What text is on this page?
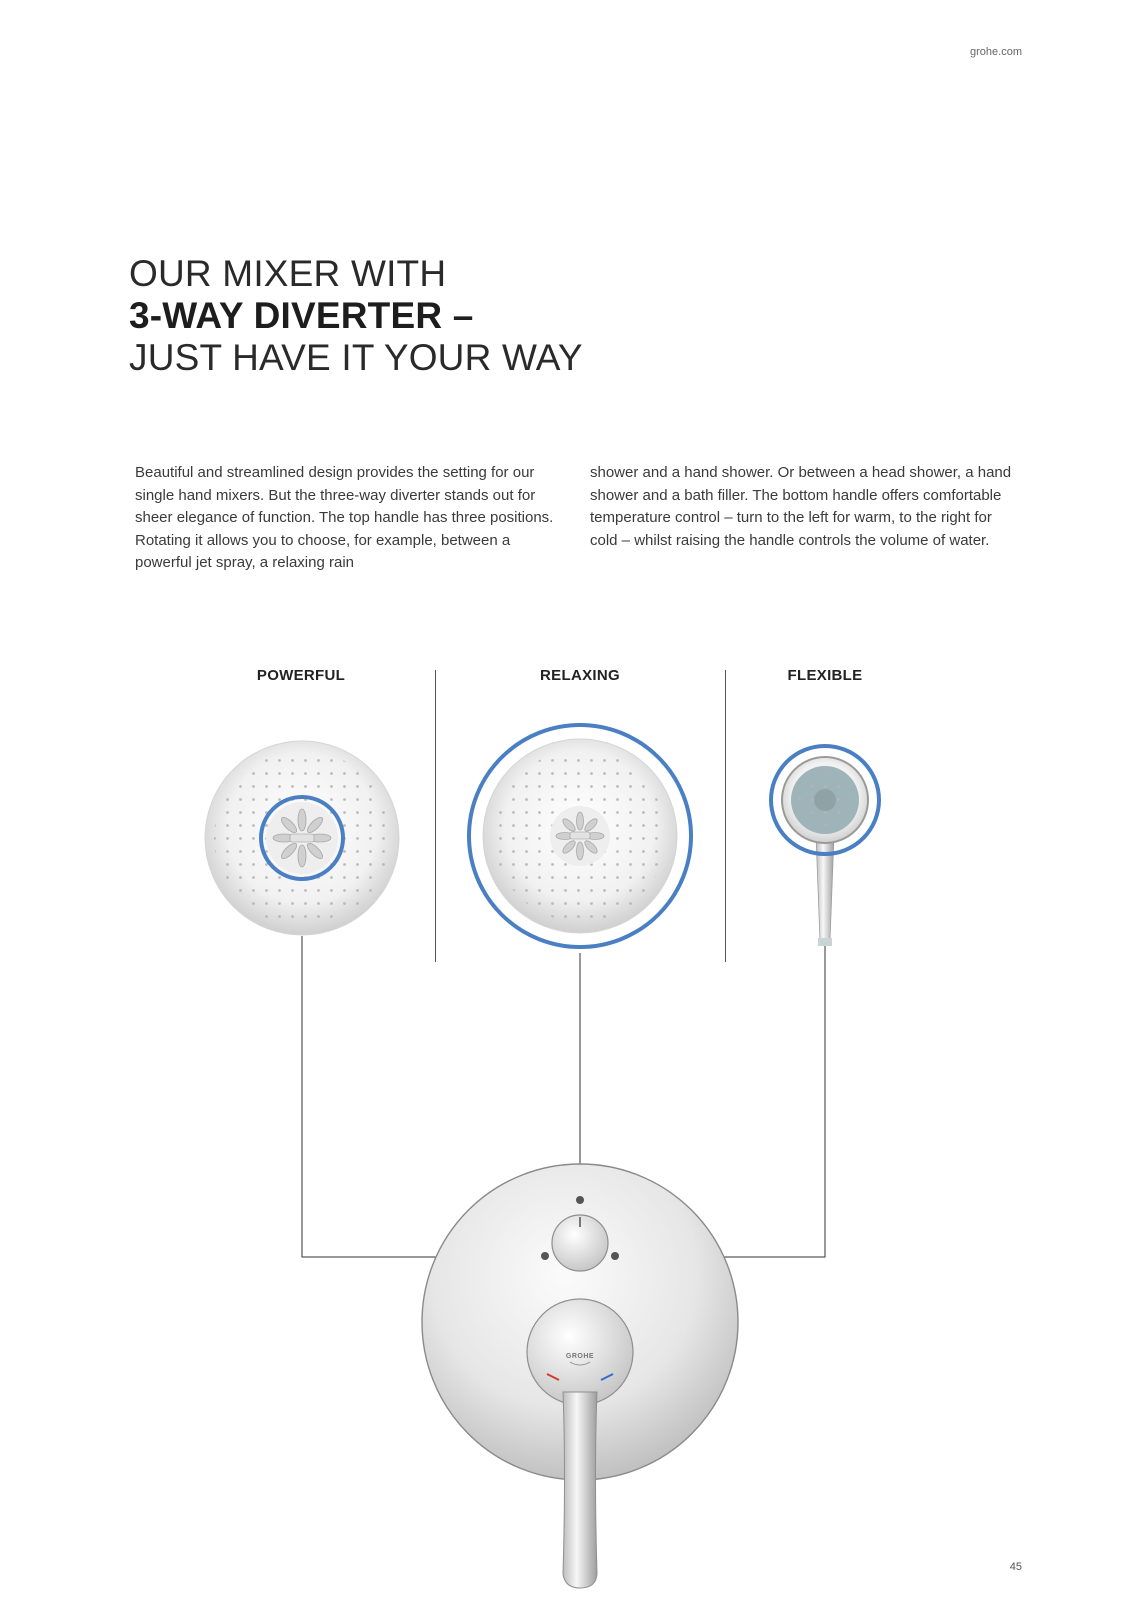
grohe.com
OUR MIXER WITH
3-WAY DIVERTER –
JUST HAVE IT YOUR WAY

Beautiful and streamlined design provides the setting for our single hand mixers. But the three-way diverter stands out for sheer elegance of function. The top handle has three positions. Rotating it allows you to choose, for example, between a powerful jet spray, a relaxing rain

shower and a hand shower. Or between a head shower, a hand shower and a bath filler. The bottom handle offers comfortable temperature control – turn to the left for warm, to the right for cold – whilst raising the handle controls the volume of water.

POWERFUL	RELAXING	FLEXIBLE
GROHE
45
